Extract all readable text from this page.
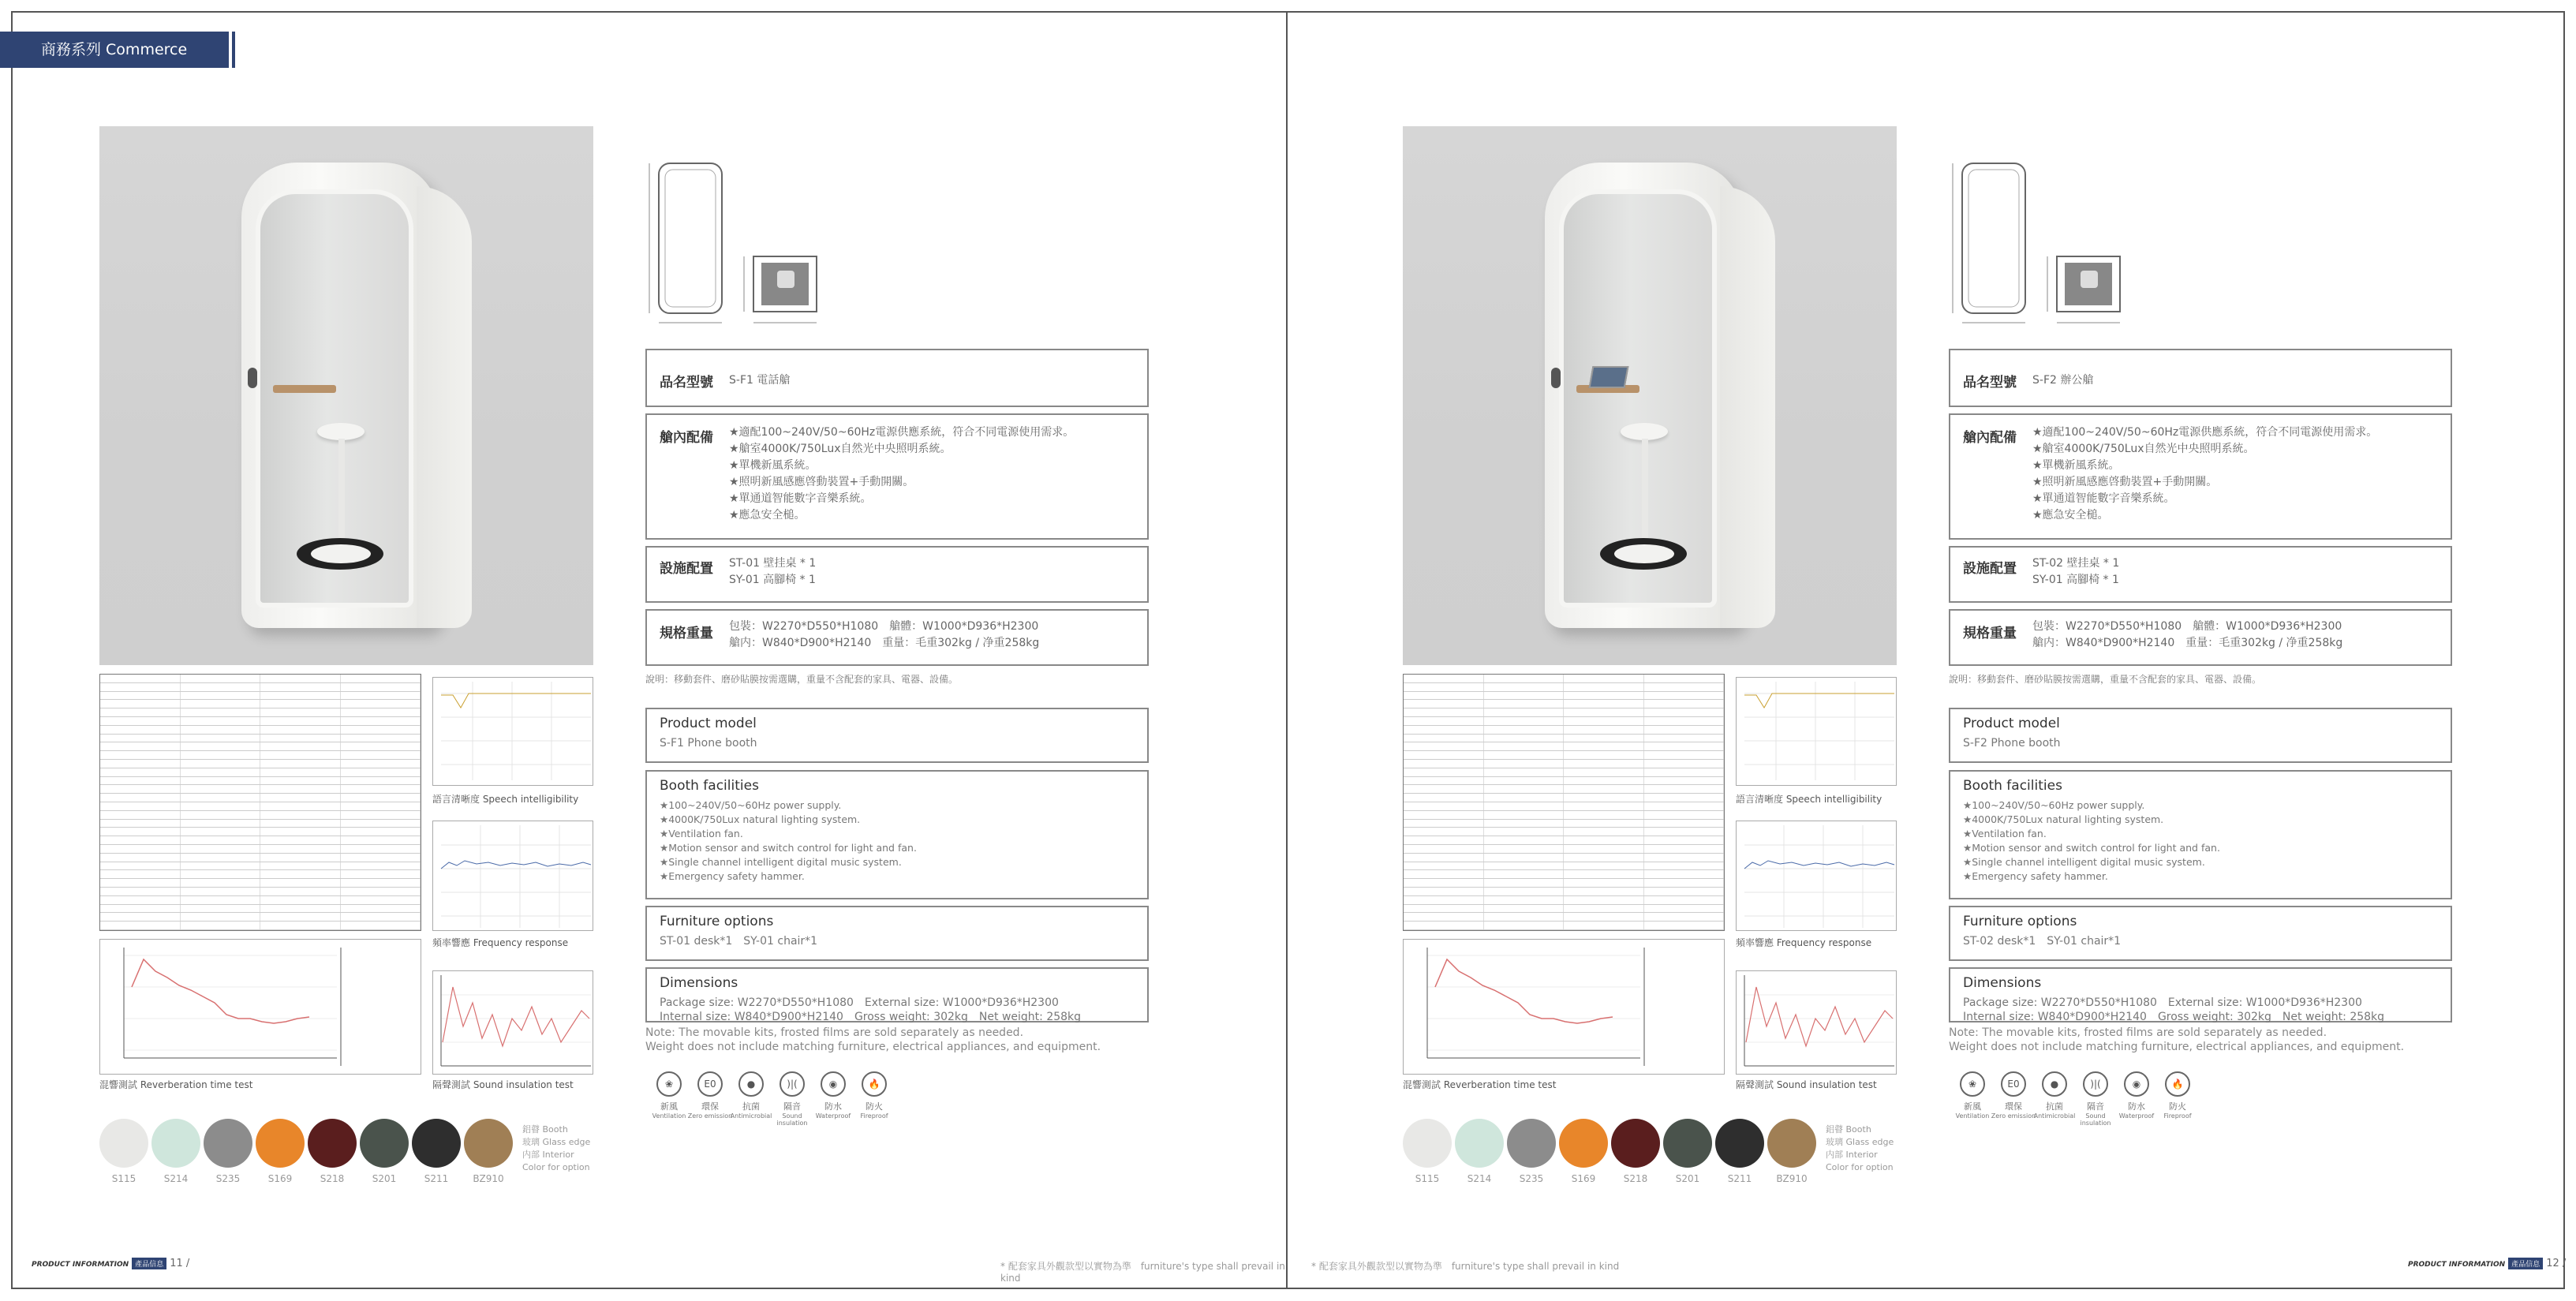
商務系列 Commerce series
品名型號 S-F1 電話艙
艙內配備 ★適配100~240V/50~60Hz電源供應系統，符合不同電源使用需求。
★艙室4000K/750Lux自然光中央照明系統。
★單機新風系統。
★照明新風感應啓動裝置+手動開關。
★單通道智能數字音樂系統。
★應急安全槌。
設施配置 ST-01 壁挂桌 * 1
SY-01 高腳椅 * 1
規格重量 包裝：W2270*D550*H1080　艙體：W1000*D936*H2300
艙内：W840*D900*H2140　重量：毛重302kg / 净重258kg
說明：移動套件、磨砂貼膜按需選購，重量不含配套的家具、電器、設備。
Product model
S-F1 Phone booth
Booth facilities
★ 100~240V/50~60Hz power supply.
★ 4000K/750Lux natural lighting system.
★ Ventilation fan.
★ Motion sensor and switch control for light and fan.
★ Single channel intelligent digital music system.
★ Emergency safety hammer.
Furniture options
ST-01 desk*1　SY-01 chair*1
Dimensions
Package size: W2270*D550*H1080　External size: W1000*D936*H2300
Internal size: W840*D900*H2140　Gross weight: 302kg　Net weight: 258kg
Note: The movable kits, frosted films are sold separately as needed.
Weight does not include matching furniture, electrical appliances, and equipment.
❀
新風
Ventilation
E0
環保
Zero emission
●
抗菌
Antimicrobial
)|(
隔音
Sound insulation
◉
防水
Waterproof
🔥
防火
Fireproof
語言清晰度 Speech intelligibility
頻率響應 Frequency response
混響測試 Reverberation time test	隔聲測試 Sound insulation test
S115	S214	S235	S169	S218	S201	S211	BZ910
鋁瞽 Booth
玻璃 Glass edge
内部 Interior
Color for option
PRODUCT INFORMATION 產品信息 11 /	* 配套家具外觀款型以實物為準　furniture's type shall prevail in kind
品名型號 S-F2 辦公艙
艙內配備 ★適配100~240V/50~60Hz電源供應系統，符合不同電源使用需求。
★艙室4000K/750Lux自然光中央照明系統。
★單機新風系統。
★照明新風感應啓動裝置+手動開關。
★單通道智能數字音樂系統。
★應急安全槌。
設施配置 ST-02 壁挂桌 * 1
SY-01 高腳椅 * 1
規格重量 包裝：W2270*D550*H1080　艙體：W1000*D936*H2300
艙内：W840*D900*H2140　重量：毛重302kg / 净重258kg
說明：移動套件、磨砂貼膜按需選購，重量不含配套的家具、電器、設備。
Product model
S-F2 Phone booth
Booth facilities
★ 100~240V/50~60Hz power supply.
★ 4000K/750Lux natural lighting system.
★ Ventilation fan.
★ Motion sensor and switch control for light and fan.
★ Single channel intelligent digital music system.
★ Emergency safety hammer.
Furniture options
ST-02 desk*1　SY-01 chair*1
Dimensions
Package size: W2270*D550*H1080　External size: W1000*D936*H2300
Internal size: W840*D900*H2140　Gross weight: 302kg　Net weight: 258kg
Note: The movable kits, frosted films are sold separately as needed.
Weight does not include matching furniture, electrical appliances, and equipment.
❀
新風
Ventilation
E0
環保
Zero emission
●
抗菌
Antimicrobial
)|(
隔音
Sound insulation
◉
防水
Waterproof
🔥
防火
Fireproof
語言清晰度 Speech intelligibility
頻率響應 Frequency response
混響測試 Reverberation time test	隔聲測試 Sound insulation test
S115	S214	S235	S169	S218	S201	S211	BZ910
鋁瞽 Booth
玻璃 Glass edge
内部 Interior
Color for option
* 配套家具外觀款型以實物為準　furniture's type shall prevail in kind	PRODUCT INFORMATION 產品信息 12 /
